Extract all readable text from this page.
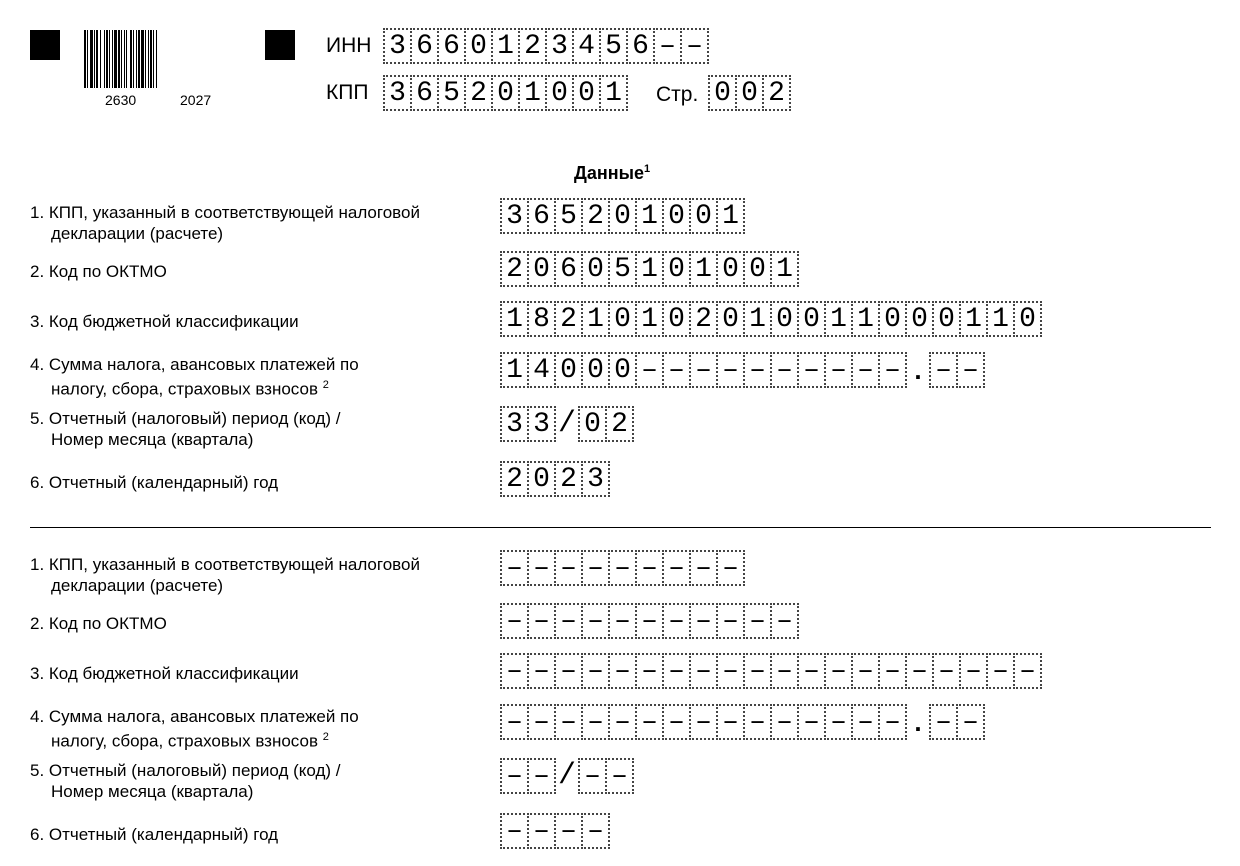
2630	2027
ИНН 3 6 6 0 1 2 3 4 5 6 – –
КПП 3 6 5 2 0 1 0 0 1 Стр. 0 0 2
Данные$^1$
1. КПП, указанный в соответствующей налоговой
декларации (расчете)
2. Код по ОКТМО
3. Код бюджетной классификации
4. Сумма налога, авансовых платежей по
налогу, сбора, страховых взносов $^2$
5. Отчетный (налоговый) период (код) /
Номер месяца (квартала)
6. Отчетный (календарный) год
3 6 5 2 0 1 0 0 1
2 0 6 0 5 1 0 1 0 0 1
1 8 2 1 0 1 0 2 0 1 0 0 1 1 0 0 0 1 1 0
1 4 0 0 0 – – – – – – – – – – . – –
3 3 / 0 2
2 0 2 3
1. КПП, указанный в соответствующей налоговой
декларации (расчете)
2. Код по ОКТМО
3. Код бюджетной классификации
4. Сумма налога, авансовых платежей по
налогу, сбора, страховых взносов $^2$
5. Отчетный (налоговый) период (код) /
Номер месяца (квартала)
6. Отчетный (календарный) год
– – – – – – – – –
– – – – – – – – – – –
– – – – – – – – – – – – – – – – – – – –
– – – – – – – – – – – – – – – . – –
– – / – –
– – – –
